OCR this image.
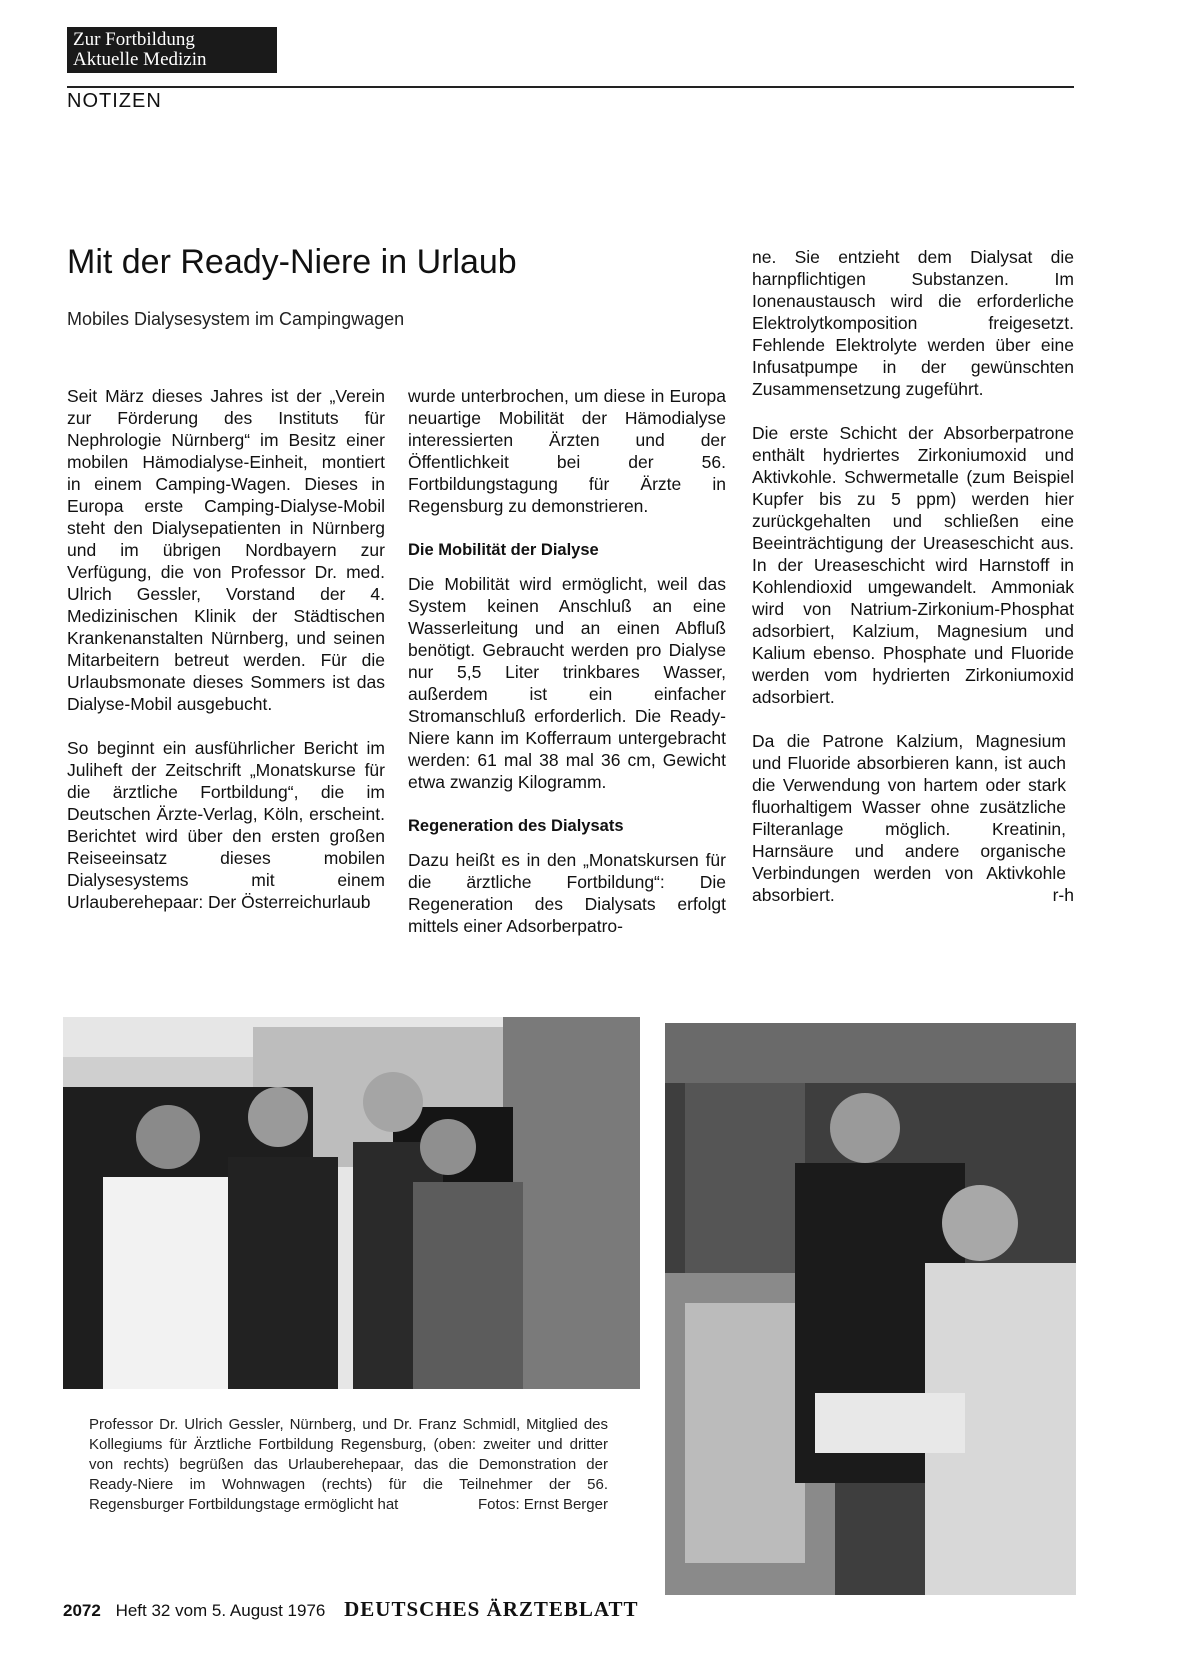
Zur Fortbildung
Aktuelle Medizin
NOTIZEN
Mit der Ready-Niere in Urlaub
Mobiles Dialysesystem im Campingwagen

Seit März dieses Jahres ist der „Verein zur Förderung des Instituts für Nephrologie Nürnberg“ im Besitz einer mobilen Hämodialyse-Einheit, montiert in einem Camping-Wagen. Dieses in Europa erste Camping-Dialyse-Mobil steht den Dialysepatienten in Nürnberg und im übrigen Nordbayern zur Verfügung, die von Professor Dr. med. Ulrich Gessler, Vorstand der 4. Medizinischen Klinik der Städtischen Krankenanstalten Nürnberg, und seinen Mitarbeitern betreut werden. Für die Urlaubsmonate dieses Sommers ist das Dialyse-Mobil ausgebucht.

So beginnt ein ausführlicher Bericht im Juliheft der Zeitschrift „Monatskurse für die ärztliche Fortbildung“, die im Deutschen Ärzte-Verlag, Köln, erscheint. Berichtet wird über den ersten großen Reiseeinsatz dieses mobilen Dialysesystems mit einem Urlauberehepaar: Der Österreichurlaub

wurde unterbrochen, um diese in Europa neuartige Mobilität der Hämodialyse interessierten Ärzten und der Öffentlichkeit bei der 56. Fortbildungstagung für Ärzte in Regensburg zu demonstrieren.

Die Mobilität der Dialyse

Die Mobilität wird ermöglicht, weil das System keinen Anschluß an eine Wasserleitung und an einen Abfluß benötigt. Gebraucht werden pro Dialyse nur 5,5 Liter trinkbares Wasser, außerdem ist ein einfacher Stromanschluß erforderlich. Die Ready-Niere kann im Kofferraum untergebracht werden: 61 mal 38 mal 36 cm, Gewicht etwa zwanzig Kilogramm.

Regeneration des Dialysats

Dazu heißt es in den „Monatskursen für die ärztliche Fortbildung“: Die Regeneration des Dialysats erfolgt mittels einer Adsorberpatro-

ne. Sie entzieht dem Dialysat die harnpflichtigen Substanzen. Im Ionenaustausch wird die erforderliche Elektrolytkomposition freigesetzt. Fehlende Elektrolyte werden über eine Infusatpumpe in der gewünschten Zusammensetzung zugeführt.

Die erste Schicht der Absorberpatrone enthält hydriertes Zirkoniumoxid und Aktivkohle. Schwermetalle (zum Beispiel Kupfer bis zu 5 ppm) werden hier zurückgehalten und schließen eine Beeinträchtigung der Ureaseschicht aus. In der Ureaseschicht wird Harnstoff in Kohlendioxid umgewandelt. Ammoniak wird von Natrium-Zirkonium-Phosphat adsorbiert, Kalzium, Magnesium und Kalium ebenso. Phosphate und Fluoride werden vom hydrierten Zirkoniumoxid adsorbiert.

Da die Patrone Kalzium, Magnesium und Fluoride absorbieren kann, ist auch die Verwendung von hartem oder stark fluorhaltigem Wasser ohne zusätzliche Filteranlage möglich. Kreatinin, Harnsäure und andere organische Verbindungen werden von Aktivkohle absorbiert.	r-h
Professor Dr. Ulrich Gessler, Nürnberg, und Dr. Franz Schmidl, Mitglied des Kollegiums für Ärztliche Fortbildung Regensburg, (oben: zweiter und dritter von rechts) begrüßen das Urlauberehepaar, das die Demonstration der Ready-Niere im Wohnwagen (rechts) für die Teilnehmer der 56. Regensburger Fortbildungstage ermöglicht hat	Fotos: Ernst Berger
2072 Heft 32 vom 5. August 1976 DEUTSCHES ÄRZTEBLATT
